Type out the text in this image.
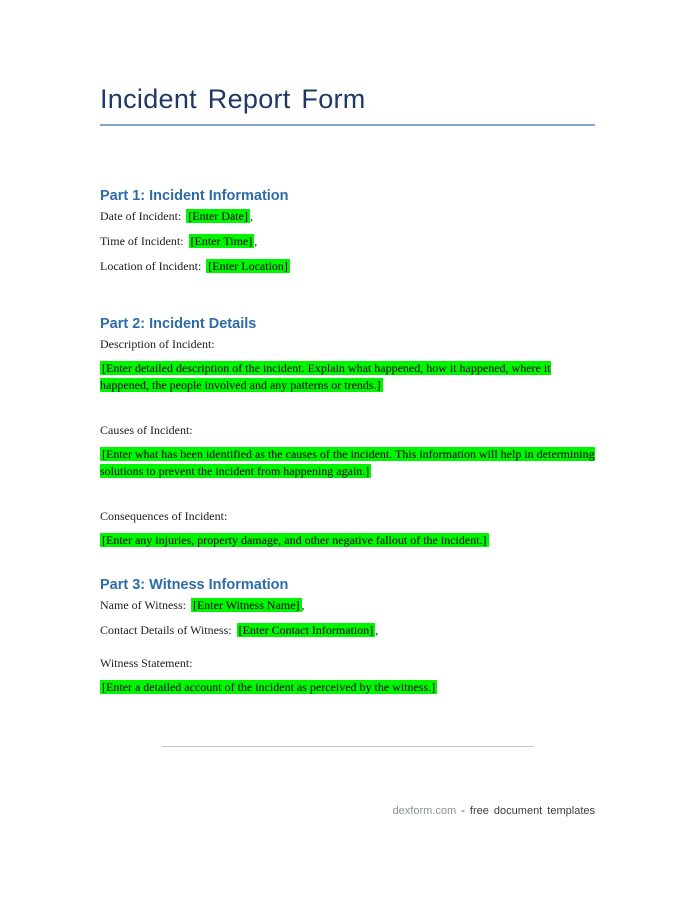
Incident Report Form
Part 1: Incident Information

Date of Incident: [Enter Date] ,

Time of Incident: [Enter Time] ,

Location of Incident: [Enter Location]

Part 2: Incident Details

Description of Incident:

[Enter detailed description of the incident. Explain what happened, how it happened, where it happened, the people involved and any patterns or trends.]

Causes of Incident:

[Enter what has been identified as the causes of the incident. This information will help in determining solutions to prevent the incident from happening again.]

Consequences of Incident:

[Enter any injuries, property damage, and other negative fallout of the incident.]

Part 3: Witness Information

Name of Witness: [Enter Witness Name] ,

Contact Details of Witness: [Enter Contact Information] ,

Witness Statement:

[Enter a detailed account of the incident as perceived by the witness.]

______________________________________________________________
dexform.com - free document templates
